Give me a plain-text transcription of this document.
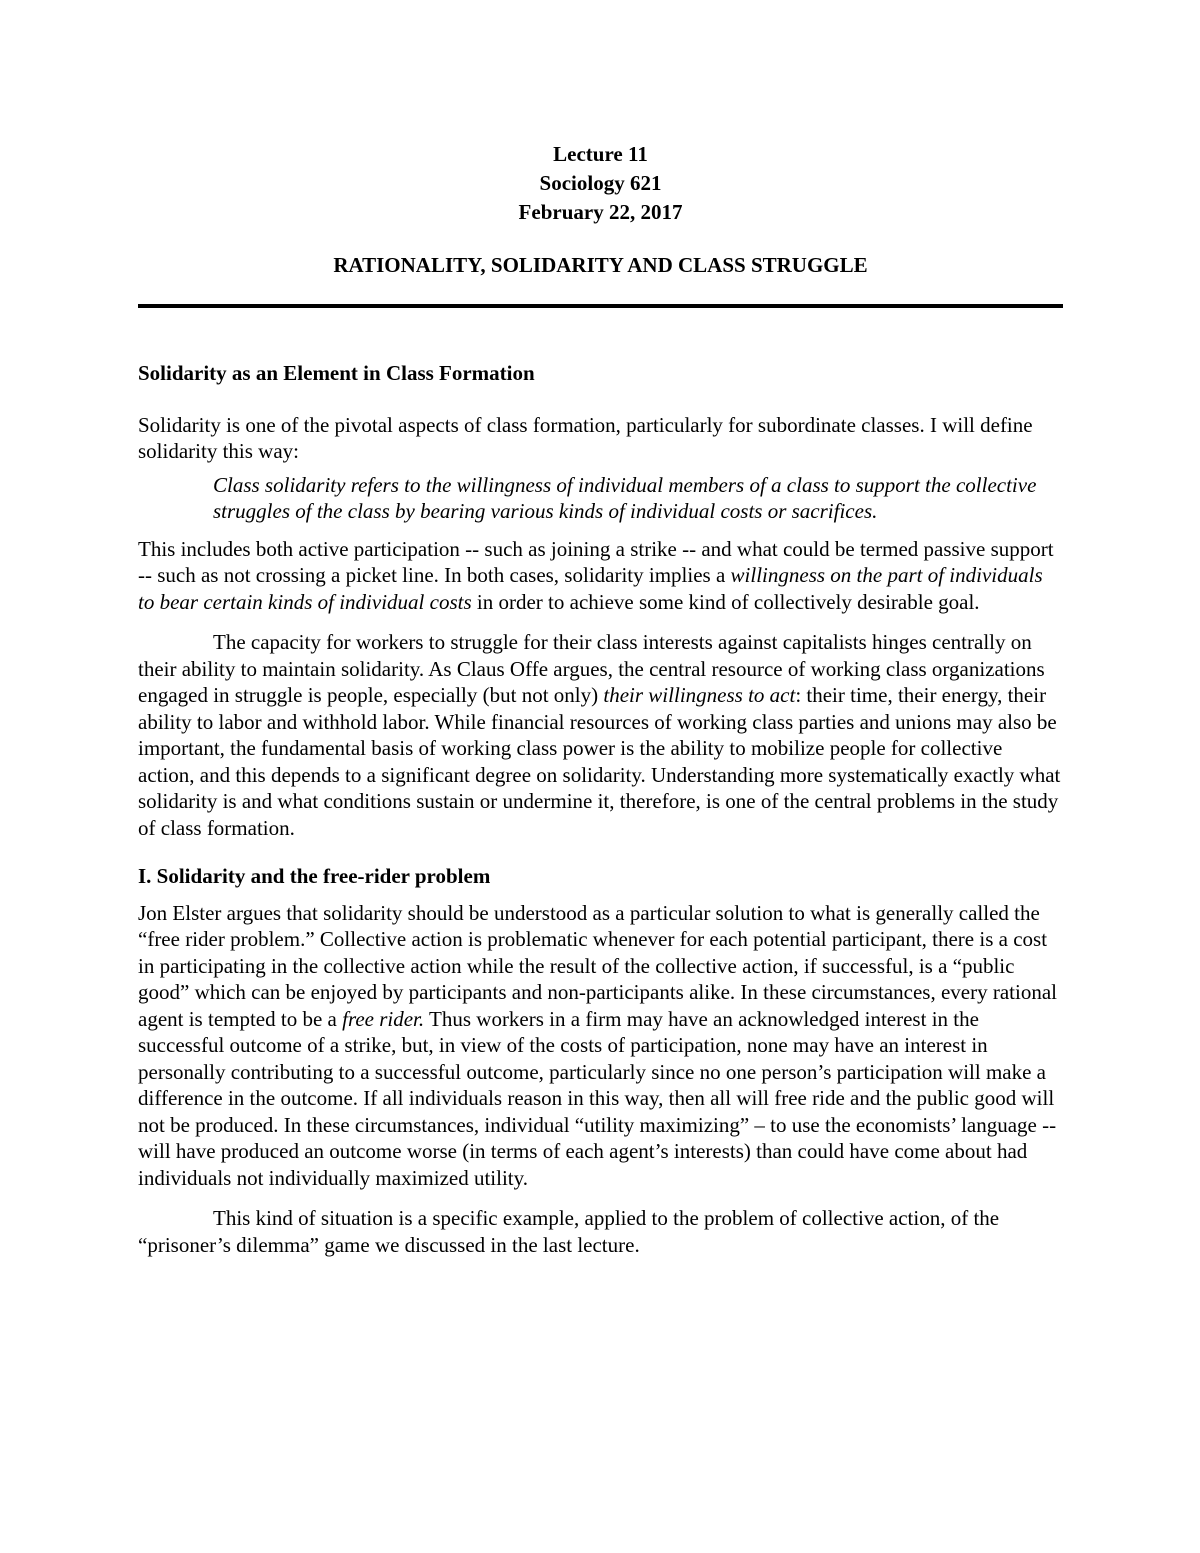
Lecture 11
Sociology 621
February 22, 2017
RATIONALITY, SOLIDARITY AND CLASS STRUGGLE
Solidarity as an Element in Class Formation

Solidarity is one of the pivotal aspects of class formation, particularly for subordinate classes. I will define solidarity this way:

Class solidarity refers to the willingness of individual members of a class to support the collective struggles of the class by bearing various kinds of individual costs or sacrifices.

This includes both active participation -- such as joining a strike -- and what could be termed passive support -- such as not crossing a picket line. In both cases, solidarity implies a willingness on the part of individuals to bear certain kinds of individual costs in order to achieve some kind of collectively desirable goal.

The capacity for workers to struggle for their class interests against capitalists hinges centrally on their ability to maintain solidarity. As Claus Offe argues, the central resource of working class organizations engaged in struggle is people, especially (but not only) their willingness to act: their time, their energy, their ability to labor and withhold labor. While financial resources of working class parties and unions may also be important, the fundamental basis of working class power is the ability to mobilize people for collective action, and this depends to a significant degree on solidarity. Understanding more systematically exactly what solidarity is and what conditions sustain or undermine it, therefore, is one of the central problems in the study of class formation.

I. Solidarity and the free-rider problem

Jon Elster argues that solidarity should be understood as a particular solution to what is generally called the “free rider problem.” Collective action is problematic whenever for each potential participant, there is a cost in participating in the collective action while the result of the collective action, if successful, is a “public good” which can be enjoyed by participants and non-participants alike. In these circumstances, every rational agent is tempted to be a free rider. Thus workers in a firm may have an acknowledged interest in the successful outcome of a strike, but, in view of the costs of participation, none may have an interest in personally contributing to a successful outcome, particularly since no one person’s participation will make a difference in the outcome. If all individuals reason in this way, then all will free ride and the public good will not be produced. In these circumstances, individual “utility maximizing” – to use the economists’ language -- will have produced an outcome worse (in terms of each agent’s interests) than could have come about had individuals not individually maximized utility.

This kind of situation is a specific example, applied to the problem of collective action, of the “prisoner’s dilemma” game we discussed in the last lecture.
